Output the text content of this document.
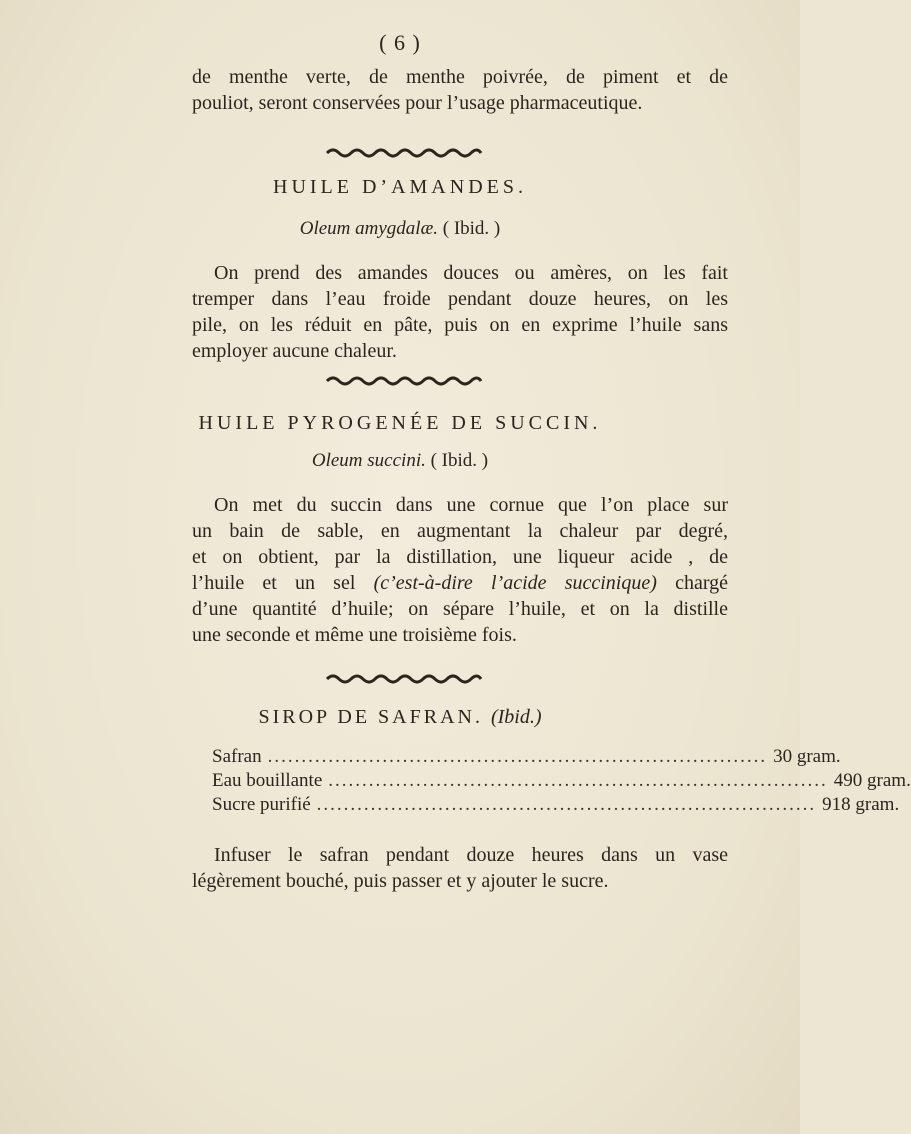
( 6 )

de menthe verte, de menthe poivrée, de piment et de
pouliot, seront conservées pour l’usage pharmaceutique.

HUILE D’AMANDES.
Oleum amygdalæ. ( Ibid. )

On prend des amandes douces ou amères, on les fait
tremper dans l’eau froide pendant douze heures, on les
pile, on les réduit en pâte, puis on en exprime l’huile sans
employer aucune chaleur.

HUILE PYROGENÉE DE SUCCIN.
Oleum succini. ( Ibid. )

On met du succin dans une cornue que l’on place sur
un bain de sable, en augmentant la chaleur par degré,
et on obtient, par la distillation, une liqueur acide , de
l’huile et un sel (c’est-à-dire l’acide succinique) chargé
d’une quantité d’huile; on sépare l’huile, et on la distille
une seconde et même une troisième fois.

SIROP DE SAFRAN. (Ibid.)
Safran .......................................................................... 30 gram.
Eau bouillante .......................................................................... 490 gram.
Sucre purifié .......................................................................... 918 gram.

Infuser le safran pendant douze heures dans un vase
légèrement bouché, puis passer et y ajouter le sucre.
